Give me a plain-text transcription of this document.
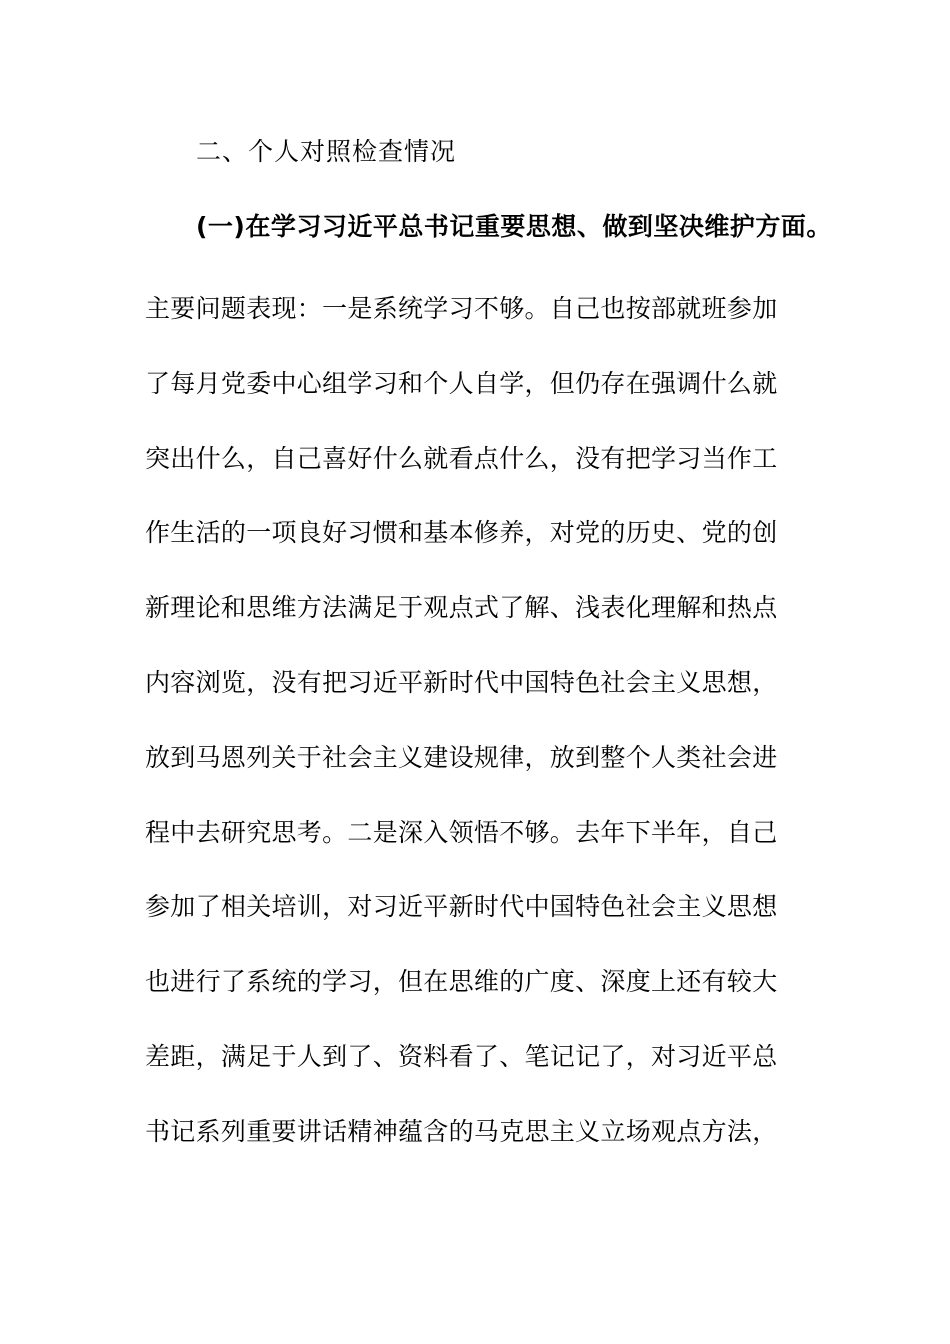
二、个人对照检查情况
(一)在学习习近平总书记重要思想、做到坚决维护方面。
主要问题表现：一是系统学习不够。自己也按部就班参加
了每月党委中心组学习和个人自学，但仍存在强调什么就
突出什么，自己喜好什么就看点什么，没有把学习当作工
作生活的一项良好习惯和基本修养，对党的历史、党的创
新理论和思维方法满足于观点式了解、浅表化理解和热点
内容浏览，没有把习近平新时代中国特色社会主义思想，
放到马恩列关于社会主义建设规律，放到整个人类社会进
程中去研究思考。二是深入领悟不够。去年下半年，自己
参加了相关培训，对习近平新时代中国特色社会主义思想
也进行了系统的学习，但在思维的广度、深度上还有较大
差距，满足于人到了、资料看了、笔记记了，对习近平总
书记系列重要讲话精神蕴含的马克思主义立场观点方法，
